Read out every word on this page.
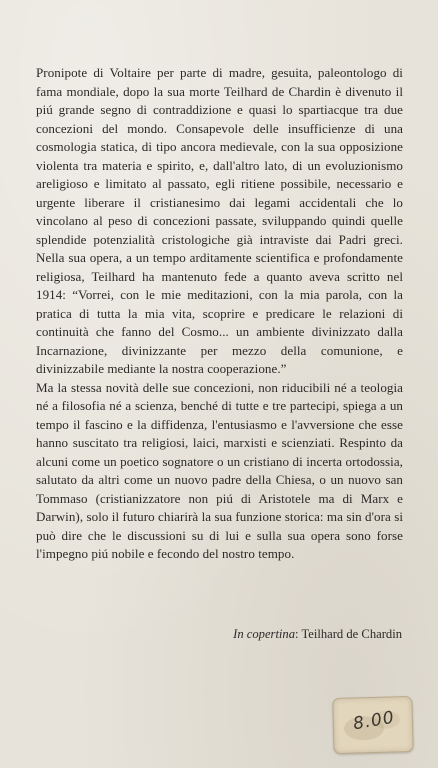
Pronipote di Voltaire per parte di madre, gesuita, paleontologo di fama mondiale, dopo la sua morte Teilhard de Chardin è divenuto il piú grande segno di contraddizione e quasi lo spartiacque tra due concezioni del mondo. Consapevole delle insufficienze di una cosmologia statica, di tipo ancora medievale, con la sua opposizione violenta tra materia e spirito, e, dall'altro lato, di un evoluzionismo areligioso e limitato al passato, egli ritiene possibile, necessario e urgente liberare il cristianesimo dai legami accidentali che lo vincolano al peso di concezioni passate, sviluppando quindi quelle splendide potenzialità cristologiche già intraviste dai Padri greci. Nella sua opera, a un tempo arditamente scientifica e profondamente religiosa, Teilhard ha mantenuto fede a quanto aveva scritto nel 1914: “Vorrei, con le mie meditazioni, con la mia parola, con la pratica di tutta la mia vita, scoprire e predicare le relazioni di continuità che fanno del Cosmo... un ambiente divinizzato dalla Incarnazione, divinizzante per mezzo della comunione, e divinizzabile mediante la nostra cooperazione.”

Ma la stessa novità delle sue concezioni, non riducibili né a teologia né a filosofia né a scienza, benché di tutte e tre partecipi, spiega a un tempo il fascino e la diffidenza, l'entusiasmo e l'avversione che esse hanno suscitato tra religiosi, laici, marxisti e scienziati. Respinto da alcuni come un poetico sognatore o un cristiano di incerta ortodossia, salutato da altri come un nuovo padre della Chiesa, o un nuovo san Tommaso (cristianizzatore non piú di Aristotele ma di Marx e Darwin), solo il futuro chiarirà la sua funzione storica: ma sin d'ora si può dire che le discussioni su di lui e sulla sua opera sono forse l'impegno piú nobile e fecondo del nostro tempo.

In copertina: Teilhard de Chardin
8.00
